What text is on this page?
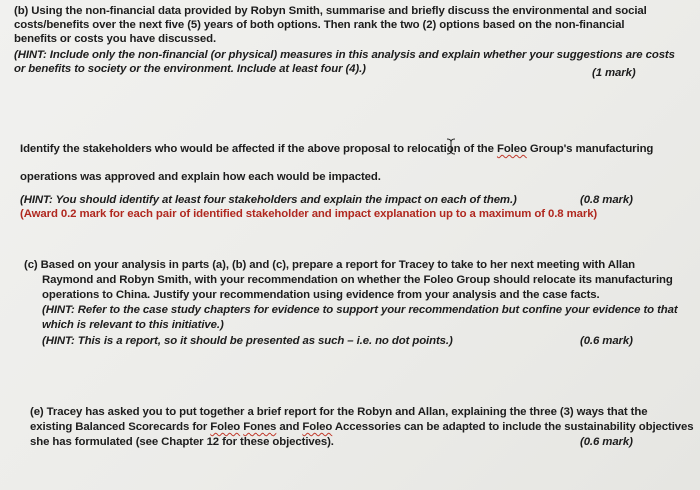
(b) Using the non-financial data provided by Robyn Smith, summarise and briefly discuss the environmental and social
costs/benefits over the next five (5) years of both options. Then rank the two (2) options based on the non-financial
benefits or costs you have discussed.
(HINT: Include only the non-financial (or physical) measures in this analysis and explain whether your suggestions are costs
or benefits to society or the environment. Include at least four (4).)	(1 mark)
Identify the stakeholders who would be affected if the above proposal to relocation of the Foleo Group's manufacturing
operations was approved and explain how each would be impacted.
(HINT: You should identify at least four stakeholders and explain the impact on each of them.)	(0.8 mark)
(Award 0.2 mark for each pair of identified stakeholder and impact explanation up to a maximum of 0.8 mark)
(c) Based on your analysis in parts (a), (b) and (c), prepare a report for Tracey to take to her next meeting with Allan
Raymond and Robyn Smith, with your recommendation on whether the Foleo Group should relocate its manufacturing
operations to China. Justify your recommendation using evidence from your analysis and the case facts.
(HINT: Refer to the case study chapters for evidence to support your recommendation but confine your evidence to that
which is relevant to this initiative.)
(HINT: This is a report, so it should be presented as such – i.e. no dot points.)	(0.6 mark)
(e) Tracey has asked you to put together a brief report for the Robyn and Allan, explaining the three (3) ways that the
existing Balanced Scorecards for Foleo Fones and Foleo Accessories can be adapted to include the sustainability objectives
she has formulated (see Chapter 12 for these objectives).	(0.6 mark)
